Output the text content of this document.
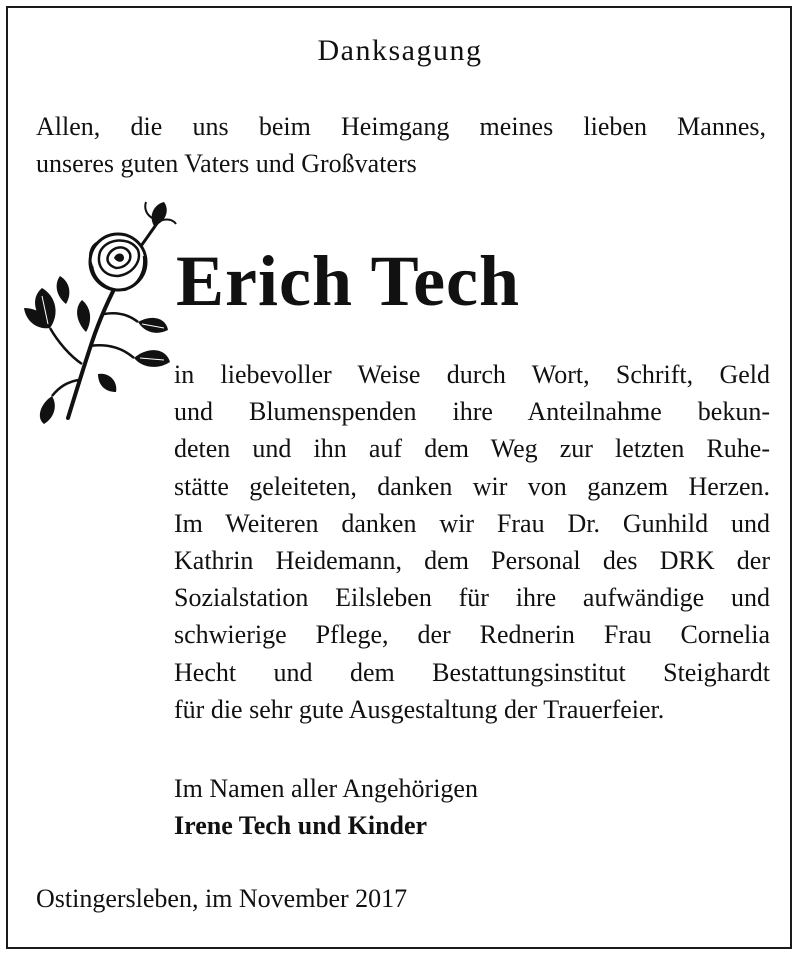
Danksagung
Allen, die uns beim Heimgang meines lieben Mannes,
unseres guten Vaters und Großvaters
Erich Tech
in liebevoller Weise durch Wort, Schrift, Geld
und Blumenspenden ihre Anteilnahme bekun-
deten und ihn auf dem Weg zur letzten Ruhe-
stätte geleiteten, danken wir von ganzem Herzen.
Im Weiteren danken wir Frau Dr. Gunhild und
Kathrin Heidemann, dem Personal des DRK der
Sozialstation Eilsleben für ihre aufwändige und
schwierige Pflege, der Rednerin Frau Cornelia
Hecht und dem Bestattungsinstitut Steighardt
für die sehr gute Ausgestaltung der Trauerfeier.
Im Namen aller Angehörigen
Irene Tech und Kinder
Ostingersleben, im November 2017
